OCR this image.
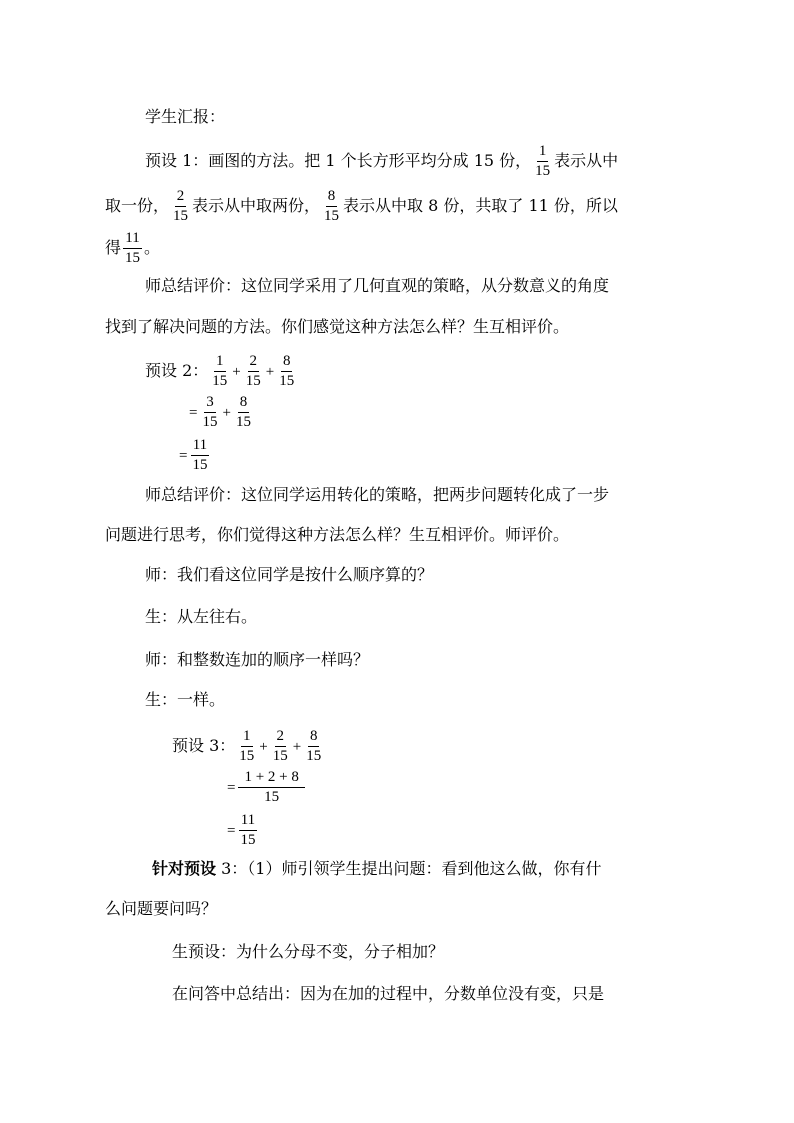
学生汇报：
预设 1：画图的方法。把 1 个长方形平均分成 15 份， $\frac{1}{15}$ 表示从中
取一份， $\frac{2}{15}$ 表示从中取两份， $\frac{8}{15}$ 表示从中取 8 份，共取了 11 份，所以
得 $\frac{11}{15}$ 。
师总结评价：这位同学采用了几何直观的策略，从分数意义的角度
找到了解决问题的方法。你们感觉这种方法怎么样？生互相评价。
预设 2： $\frac{1}{15} + \frac{2}{15} + \frac{8}{15}$
= $\frac{3}{15} + \frac{8}{15}$
= $\frac{11}{15}$
师总结评价：这位同学运用转化的策略，把两步问题转化成了一步
问题进行思考，你们觉得这种方法怎么样？生互相评价。师评价。
师：我们看这位同学是按什么顺序算的？
生：从左往右。
师：和整数连加的顺序一样吗？
生：一样。
预设 3： $\frac{1}{15} + \frac{2}{15} + \frac{8}{15}$
= $\frac{1 + 2 + 8}{15}$
= $\frac{11}{15}$
针对预设 3：（1）师引领学生提出问题：看到他这么做，你有什
么问题要问吗？
生预设：为什么分母不变，分子相加？
在问答中总结出：因为在加的过程中，分数单位没有变，只是
